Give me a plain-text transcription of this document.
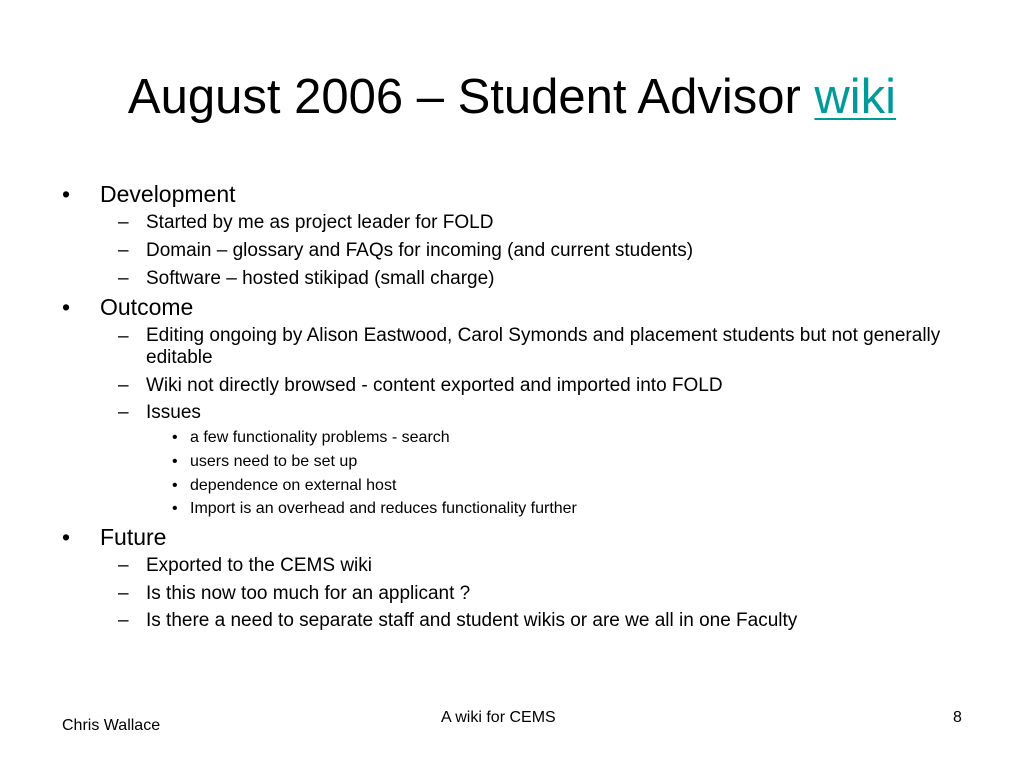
August 2006 – Student Advisor wiki
• Development
– Started by me as project leader for FOLD
– Domain – glossary and FAQs for incoming (and current students)
– Software – hosted stikipad (small charge)
• Outcome
– Editing ongoing by Alison Eastwood, Carol Symonds and placement students but not generally editable
– Wiki not directly browsed - content exported and imported into FOLD
– Issues
• a few functionality problems - search
• users need to be set up
• dependence on external host
• Import is an overhead and reduces functionality further
• Future
– Exported to the CEMS wiki
– Is this now too much for an applicant ?
– Is there a need to separate staff and student wikis or are we all in one Faculty
Chris Wallace	A wiki for CEMS	8
